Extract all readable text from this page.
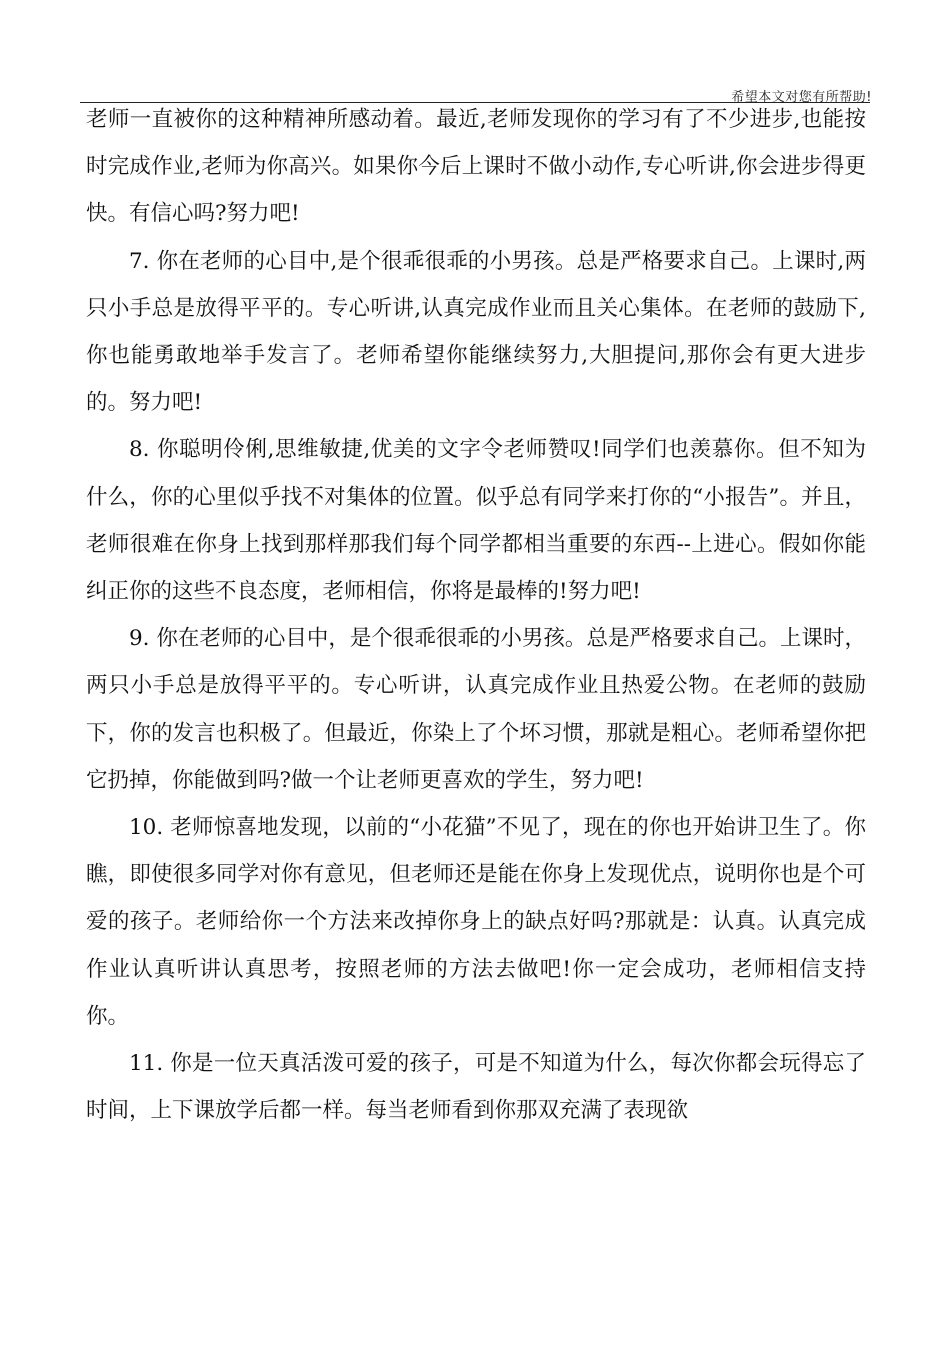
希望本文对您有所帮助!

老师一直被你的这种精神所感动着。最近,老师发现你的学习有了不少进步,也能按时完成作业,老师为你高兴。如果你今后上课时不做小动作,专心听讲,你会进步得更快。有信心吗?努力吧!

7. 你在老师的心目中,是个很乖很乖的小男孩。总是严格要求自己。上课时,两只小手总是放得平平的。专心听讲,认真完成作业而且关心集体。在老师的鼓励下,你也能勇敢地举手发言了。老师希望你能继续努力,大胆提问,那你会有更大进步的。努力吧!

8. 你聪明伶俐,思维敏捷,优美的文字令老师赞叹!同学们也羡慕你。但不知为什么，你的心里似乎找不对集体的位置。似乎总有同学来打你的“小报告”。并且，老师很难在你身上找到那样那我们每个同学都相当重要的东西--上进心。假如你能纠正你的这些不良态度，老师相信，你将是最棒的!努力吧!

9. 你在老师的心目中，是个很乖很乖的小男孩。总是严格要求自己。上课时，两只小手总是放得平平的。专心听讲，认真完成作业且热爱公物。在老师的鼓励下，你的发言也积极了。但最近，你染上了个坏习惯，那就是粗心。老师希望你把它扔掉，你能做到吗?做一个让老师更喜欢的学生，努力吧!

10. 老师惊喜地发现，以前的“小花猫”不见了，现在的你也开始讲卫生了。你瞧，即使很多同学对你有意见，但老师还是能在你身上发现优点，说明你也是个可爱的孩子。老师给你一个方法来改掉你身上的缺点好吗?那就是：认真。认真完成作业认真听讲认真思考，按照老师的方法去做吧!你一定会成功，老师相信支持你。

11. 你是一位天真活泼可爱的孩子，可是不知道为什么，每次你都会玩得忘了时间，上下课放学后都一样。每当老师看到你那双充满了表现欲
